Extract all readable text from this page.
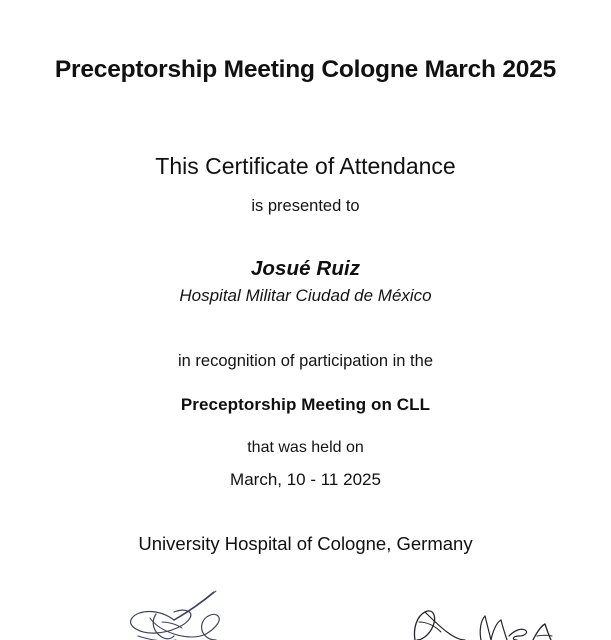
Preceptorship Meeting Cologne March 2025
This Certificate of Attendance
is presented to
Josué Ruiz
Hospital Militar Ciudad de México
in recognition of participation in the
Preceptorship Meeting on CLL
that was held on
March, 10 - 11 2025
University Hospital of Cologne, Germany
